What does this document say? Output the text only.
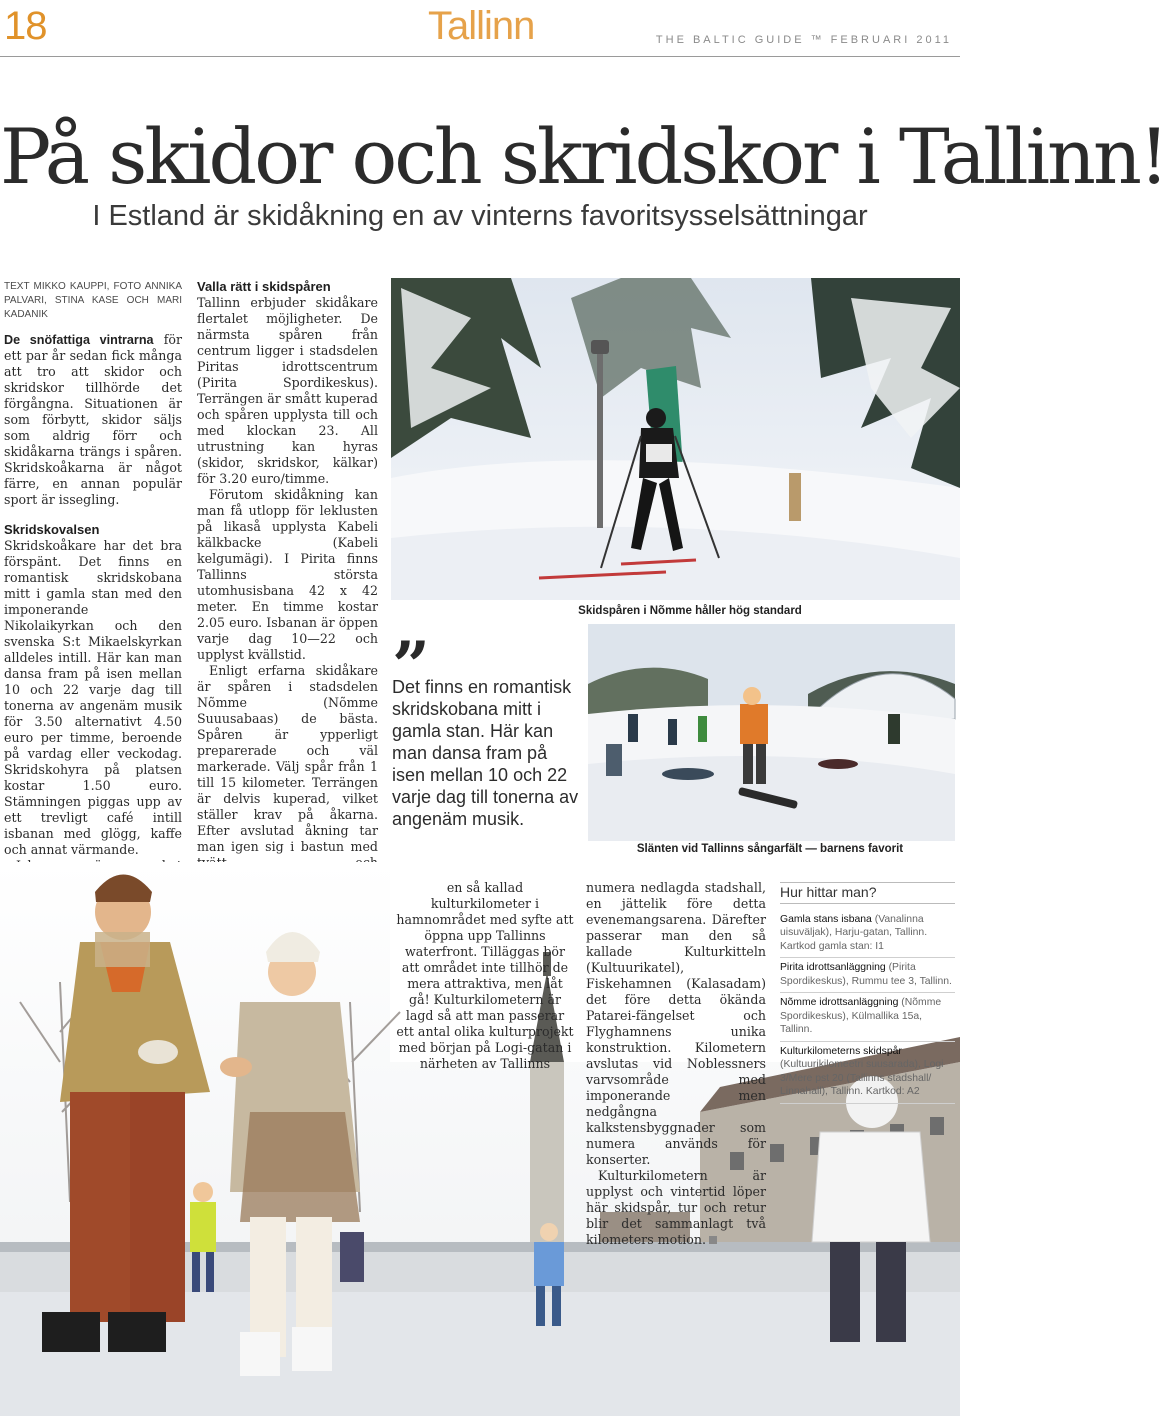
18	Tallinn	THE BALTIC GUIDE ™ FEBRUARI 2011
På skidor och skridskor i Tallinn!
I Estland är skidåkning en av vinterns favoritsysselsättningar
TEXT MIKKO KAUPPI, FOTO ANNIKA PALVARI, STINA KASE OCH MARI KADANIK

De snöfattiga vintrarna för ett par år sedan fick många att tro att skidor och skridskor tillhörde det förgångna. Situationen är som förbytt, skidor säljs som aldrig förr och skidåkarna trängs i spåren. Skridskoåkarna är något färre, en annan populär sport är issegling.

Skridskovalsen

Skridskoåkare har det bra förspänt. Det finns en romantisk skridskobana mitt i gamla stan med den imponerande Nikolaikyrkan och den svenska S:t Mikaelskyrkan alldeles intill. Här kan man dansa fram på isen mellan 10 och 22 varje dag till tonerna av angenäm musik för 3.50 alternativt 4.50 euro per timme, beroende på vardag eller veckodag. Skridskohyra på platsen kostar 1.50 euro. Stämningen piggas upp av ett trevligt café intill isbanan med glögg, kaffe och annat värmande.

Valla rätt i skidspåren

Tallinn erbjuder skidåkare flertalet möjligheter. De närmsta spåren från centrum ligger i stadsdelen Piritas idrottscentrum (Pirita Spordikeskus). Terrängen är smått kuperad och spåren upplysta till och med klockan 23. All utrustning kan hyras (skidor, skridskor, kälkar) för 3.20 euro/timme.

Förutom skidåkning kan man få utlopp för leklusten på likaså upplysta Kabeli kälkbacke (Kabeli kelgumägi). I Pirita finns Tallinns största utomhusisbana 42 x 42 meter. En timme kostar 2.05 euro. Isbanan är öppen varje dag 10—22 och upplyst kvällstid.

Enligt erfarna skidåkare är spåren i stadsdelen Nõmme (Nõmme Suuusabaas) de bästa. Spåren är ypperligt prepareradе och väl markerade. Välj spår från 1 till 15 kilometer. Terrängen är delvis kuperad, vilket ställer krav på åkarna. Efter avslutad åkning tar man igen sig i bastun med

Skidspåren i Nõmme håller hög standard
”
Det finns en romantisk skridskobana mitt i gamla stan. Här kan man dansa fram på isen mellan 10 och 22 varje dag till tonerna av angenäm musik.
Slänten vid Tallinns sångarfält — barnens favorit

en så kallad kulturkilometer i hamnområdet med syfte att öppna upp Tallinns waterfront. Tilläggas bör att området inte tillhör de mera attraktiva, men låt gå! Kulturkilometern är lagd så att man passerar ett antal olika kulturprojekt med början på Logi-gatan i närheten av Tallinns

numera nedlagda stadshall, en jättelik före detta evenemangsarena. Därefter passerar man den så kallade Kulturkitteln (Kultuurikatel), Fiskehamnen (Kalasadam) det före detta ökända Patarei-fängelset och Flyghamnens unika konstruktion. Kilometern avslutas vid Noblessners varvsområde med imponerande men nedgångna kalkstensbyggnader som numera används för konserter.

Kulturkilometern är upplyst och vintertid löper här skidspår, tur och retur blir det sammanlagt två kilometers motion.

Hur hittar man?
Gamla stans isbana (Vanalinna uisuväljak), Harju-gatan, Tallinn. Kartkod gamla stan: I1
Pirita idrottsanläggning (Pirita Spordikeskus), Rummu tee 3, Tallinn.
Nõmme idrottsanläggning (Nõmme Spordikeskus), Külmallika 15a, Tallinn.
Kulturkilometerns skidspår (Kultuurikilomeetri suusarada), Logi 3/Mere pst 20 (Tallinns stadshall/ Linnahall), Tallinn. Kartkod: A2
